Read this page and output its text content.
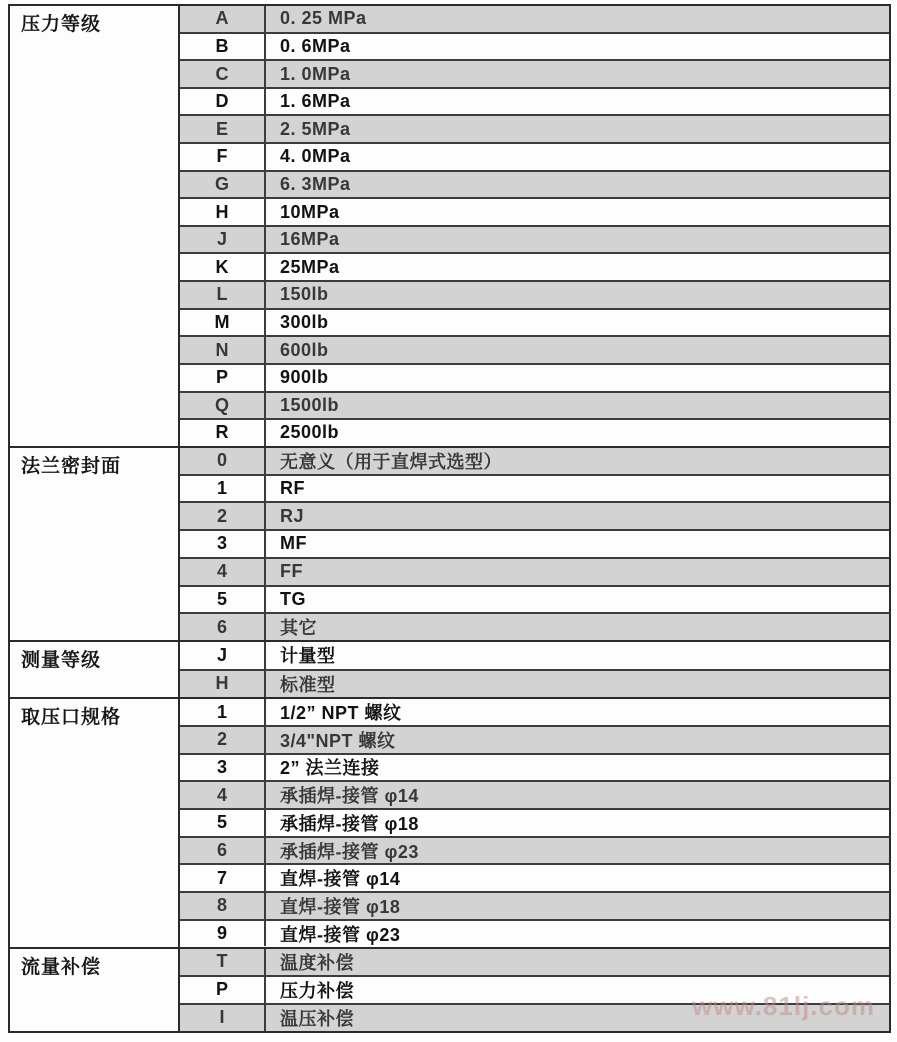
压力等级	A	0. 25 MPa
B	0. 6MPa
C	1. 0MPa
D	1. 6MPa
E	2. 5MPa
F	4. 0MPa
G	6. 3MPa
H	10MPa
J	16MPa
K	25MPa
L	150lb
M	300lb
N	600lb
P	900lb
Q	1500lb
R	2500lb
法兰密封面	0	无意义（用于直焊式选型）
1	RF
2	RJ
3	MF
4	FF
5	TG
6	其它
测量等级	J	计量型
H	标准型
取压口规格	1	1/2” NPT 螺纹
2	3/4"NPT 螺纹
3	2” 法兰连接
4	承插焊-接管 φ14
5	承插焊-接管 φ18
6	承插焊-接管 φ23
7	直焊-接管 φ14
8	直焊-接管 φ18
9	直焊-接管 φ23
流量补偿	T	温度补偿
P	压力补偿
I	温压补偿	www.81lj.com
